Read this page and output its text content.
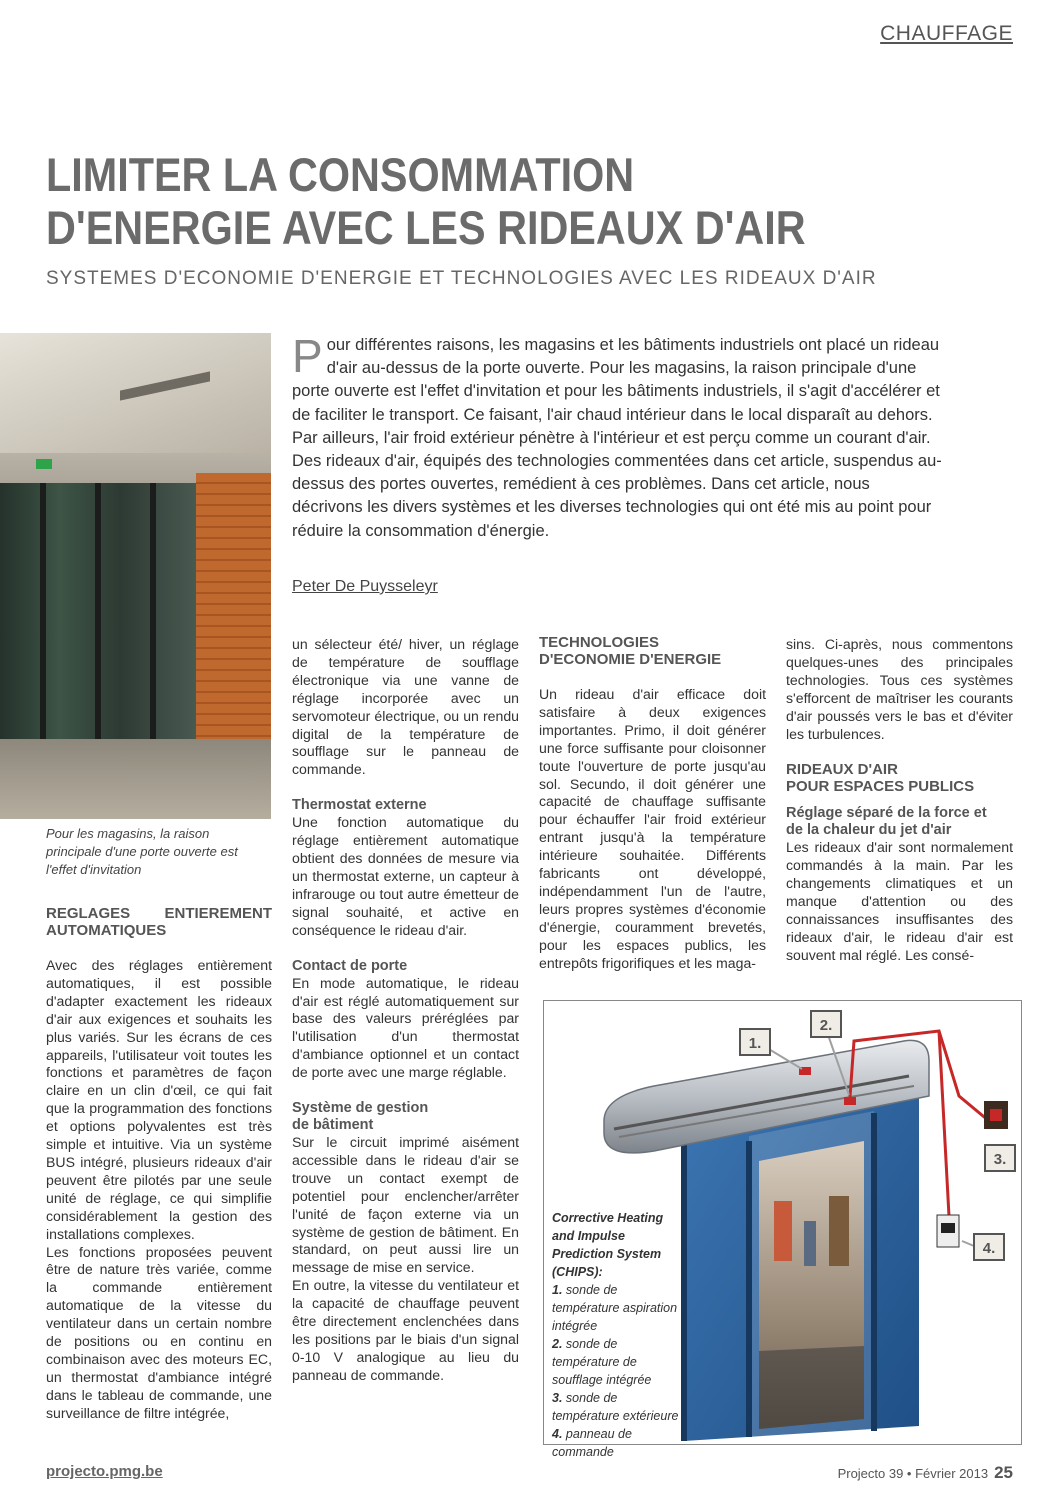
CHAUFFAGE
LIMITER LA CONSOMMATION
D'ENERGIE AVEC LES RIDEAUX D'AIR
SYSTEMES D'ECONOMIE D'ENERGIE ET TECHNOLOGIES AVEC LES RIDEAUX D'AIR
Pour les magasins, la raison principale d'une porte ouverte est l'effet d'invitation
Pour différentes raisons, les magasins et les bâtiments industriels ont placé un rideau d'air au-dessus de la porte ouverte. Pour les magasins, la raison principale d'une porte ouverte est l'effet d'invitation et pour les bâtiments industriels, il s'agit d'accélérer et de faciliter le transport. Ce faisant, l'air chaud intérieur dans le local disparaît au dehors. Par ailleurs, l'air froid extérieur pénètre à l'intérieur et est perçu comme un courant d'air. Des rideaux d'air, équipés des technologies commentées dans cet article, suspendus au-dessus des portes ouvertes, remédient à ces problèmes. Dans cet article, nous décrivons les divers systèmes et les diverses technologies qui ont été mis au point pour réduire la consommation d'énergie.
Peter De Puysseleyr
REGLAGES ENTIEREMENT AUTOMATIQUES

Avec des réglages entièrement automatiques, il est possible d'adapter exactement les rideaux d'air aux exigences et souhaits les plus variés. Sur les écrans de ces appareils, l'utilisateur voit toutes les fonctions et paramètres de façon claire en un clin d'œil, ce qui fait que la programmation des fonctions et options polyvalentes est très simple et intuitive. Via un système BUS intégré, plusieurs rideaux d'air peuvent être pilotés par une seule unité de réglage, ce qui simplifie considérablement la gestion des installations complexes.

Les fonctions proposées peuvent être de nature très variée, comme la commande entièrement automatique de la vitesse du ventilateur dans un certain nombre de positions ou en continu en combinaison avec des moteurs EC, un thermostat d'ambiance intégré dans le tableau de commande, une surveillance de filtre intégrée,

un sélecteur été/ hiver, un réglage de température de soufflage électronique via une vanne de réglage incorporée avec un servomoteur électrique, ou un rendu digital de la température de soufflage sur le panneau de commande.

Thermostat externe

Une fonction automatique du réglage entièrement automatique obtient des données de mesure via un thermostat externe, un capteur à infrarouge ou tout autre émetteur de signal souhaité, et active en conséquence le rideau d'air.

Contact de porte

En mode automatique, le rideau d'air est réglé automatiquement sur base des valeurs préréglées par l'utilisation d'un thermostat d'ambiance optionnel et un contact de porte avec une marge réglable.

Système de gestion
de bâtiment

Sur le circuit imprimé aisément accessible dans le rideau d'air se trouve un contact exempt de potentiel pour enclencher/arrêter l'unité de façon externe via un système de gestion de bâtiment. En standard, on peut aussi lire un message de mise en service.

En outre, la vitesse du ventilateur et la capacité de chauffage peuvent être directement enclenchées dans les positions par le biais d'un signal 0-10 V analogique au lieu du panneau de commande.

TECHNOLOGIES
D'ECONOMIE D'ENERGIE

Un rideau d'air efficace doit satisfaire à deux exigences importantes. Primo, il doit générer une force suffisante pour cloisonner toute l'ouverture de porte jusqu'au sol. Secundo, il doit générer une capacité de chauffage suffisante pour échauffer l'air froid extérieur entrant jusqu'à la température intérieure souhaitée. Différents fabricants ont développé, indépendamment l'un de l'autre, leurs propres systèmes d'économie d'énergie, couramment brevetés, pour les espaces publics, les entrepôts frigorifiques et les maga-

sins. Ci-après, nous commentons quelques-unes des principales technologies. Tous ces systèmes s'efforcent de maîtriser les courants d'air poussés vers le bas et d'éviter les turbulences.

RIDEAUX D'AIR
POUR ESPACES PUBLICS
Réglage séparé de la force et
de la chaleur du jet d'air

Les rideaux d'air sont normalement commandés à la main. Par les changements climatiques et un manque d'attention ou des connaissances insuffisantes des rideaux d'air, le rideau d'air est souvent mal réglé. Les consé-

1.
2.
3.
4.
Corrective Heating and Impulse Prediction System (CHIPS):
1. sonde de température aspiration intégrée
2. sonde de température de soufflage intégrée
3. sonde de température extérieure
4. panneau de commande
projecto.pmg.be	Projecto 39 • Février 2013 25
